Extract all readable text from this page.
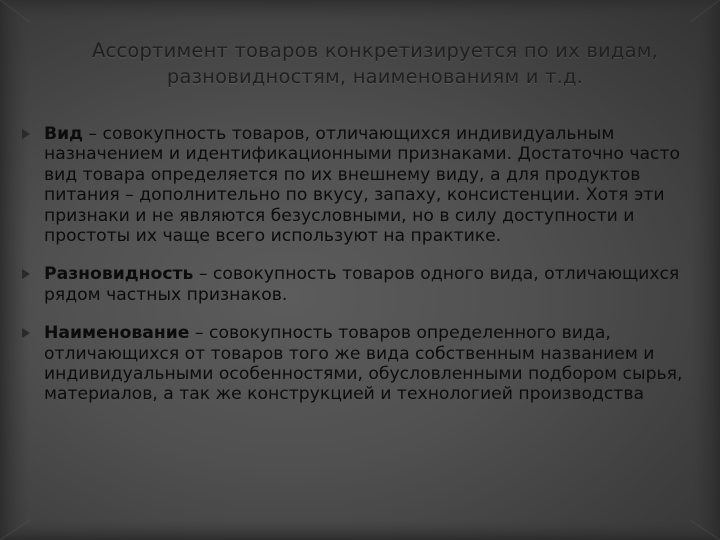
Ассортимент товаров конкретизируется по их видам, разновидностям, наименованиям и т.д.

Вид – совокупность товаров, отличающихся индивидуальным назначением и идентификационными признаками. Достаточно часто вид товара определяется по их внешнему виду, а для продуктов питания – дополнительно по вкусу, запаху, консистенции. Хотя эти признаки и не являются безусловными, но в силу доступности и простоты их чаще всего используют на практике.

Разновидность – совокупность товаров одного вида, отличающихся рядом частных признаков.

Наименование – совокупность товаров определенного вида, отличающихся от товаров того же вида собственным названием и индивидуальными особенностями, обусловленными подбором сырья, материалов, а так же конструкцией и технологией производства
